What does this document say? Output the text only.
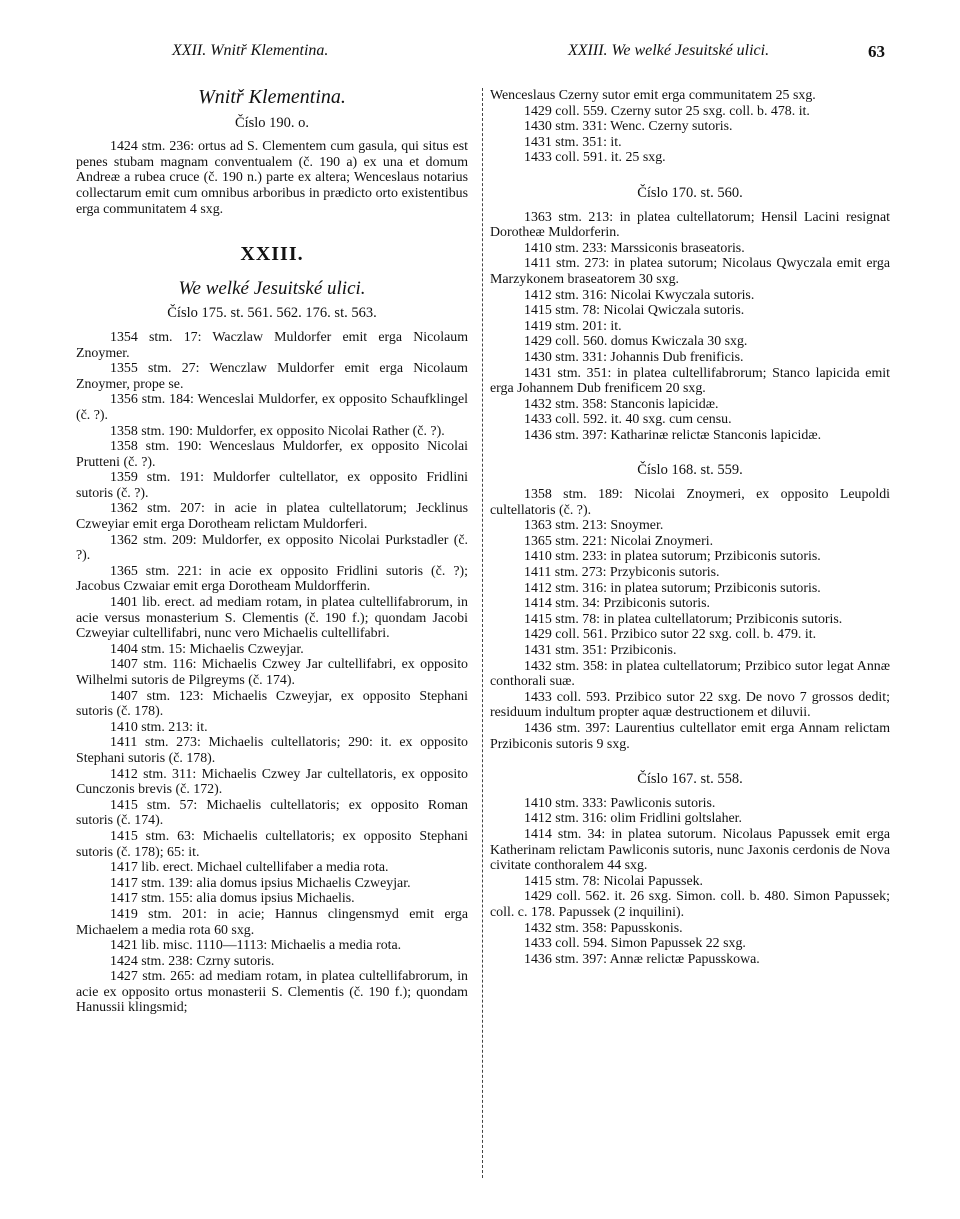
XXII. Wnitř Klementina.	XXIII. We welké Jesuitské ulici.	63
Wnitř Klementina.
Číslo 190. o.

1424 stm. 236: ortus ad S. Clementem cum gasula, qui situs est penes stubam magnam conventualem (č. 190 a) ex una et domum Andreæ a rubea cruce (č. 190 n.) parte ex altera; Wenceslaus notarius collectarum emit cum omnibus arboribus in prædicto orto existentibus erga communitatem 4 sxg.

XXIII.
We welké Jesuitské ulici.
Číslo 175. st. 561. 562. 176. st. 563.

1354 stm. 17: Waczlaw Muldorfer emit erga Nicolaum Znoymer.

1355 stm. 27: Wenczlaw Muldorfer emit erga Nicolaum Znoymer, prope se.

1356 stm. 184: Wenceslai Muldorfer, ex opposito Schaufklingel (č. ?).

1358 stm. 190: Muldorfer, ex opposito Nicolai Rather (č. ?).

1358 stm. 190: Wenceslaus Muldorfer, ex opposito Nicolai Prutteni (č. ?).

1359 stm. 191: Muldorfer cultellator, ex opposito Fridlini sutoris (č. ?).

1362 stm. 207: in acie in platea cultellatorum; Jecklinus Czweyiar emit erga Dorotheam relictam Muldorferi.

1362 stm. 209: Muldorfer, ex opposito Nicolai Purkstadler (č. ?).

1365 stm. 221: in acie ex opposito Fridlini sutoris (č. ?); Jacobus Czwaiar emit erga Dorotheam Muldorfferin.

1401 lib. erect. ad mediam rotam, in platea cultellifabrorum, in acie versus monasterium S. Clementis (č. 190 f.); quondam Jacobi Czweyiar cultellifabri, nunc vero Michaelis cultellifabri.

1404 stm. 15: Michaelis Czweyjar.

1407 stm. 116: Michaelis Czwey Jar cultellifabri, ex opposito Wilhelmi sutoris de Pilgreyms (č. 174).

1407 stm. 123: Michaelis Czweyjar, ex opposito Stephani sutoris (č. 178).

1410 stm. 213: it.

1411 stm. 273: Michaelis cultellatoris; 290: it. ex opposito Stephani sutoris (č. 178).

1412 stm. 311: Michaelis Czwey Jar cultellatoris, ex opposito Cunczonis brevis (č. 172).

1415 stm. 57: Michaelis cultellatoris; ex opposito Roman sutoris (č. 174).

1415 stm. 63: Michaelis cultellatoris; ex opposito Stephani sutoris (č. 178); 65: it.

1417 lib. erect. Michael cultellifaber a media rota.

1417 stm. 139: alia domus ipsius Michaelis Czweyjar.

1417 stm. 155: alia domus ipsius Michaelis.

1419 stm. 201: in acie; Hannus clingensmyd emit erga Michaelem a media rota 60 sxg.

1421 lib. misc. 1110—1113: Michaelis a media rota.

1424 stm. 238: Czrny sutoris.

1427 stm. 265: ad mediam rotam, in platea cultellifabrorum, in acie ex opposito ortus monasterii S. Clementis (č. 190 f.); quondam Hanussii klingsmid;

Wenceslaus Czerny sutor emit erga communitatem 25 sxg.

1429 coll. 559. Czerny sutor 25 sxg. coll. b. 478. it.

1430 stm. 331: Wenc. Czerny sutoris.

1431 stm. 351: it.

1433 coll. 591. it. 25 sxg.

Číslo 170. st. 560.

1363 stm. 213: in platea cultellatorum; Hensil Lacini resignat Dorotheæ Muldorferin.

1410 stm. 233: Marssiconis braseatoris.

1411 stm. 273: in platea sutorum; Nicolaus Qwyczala emit erga Marzykonem braseatorem 30 sxg.

1412 stm. 316: Nicolai Kwyczala sutoris.

1415 stm. 78: Nicolai Qwiczala sutoris.

1419 stm. 201: it.

1429 coll. 560. domus Kwiczala 30 sxg.

1430 stm. 331: Johannis Dub frenificis.

1431 stm. 351: in platea cultellifabrorum; Stanco lapicida emit erga Johannem Dub frenificem 20 sxg.

1432 stm. 358: Stanconis lapicidæ.

1433 coll. 592. it. 40 sxg. cum censu.

1436 stm. 397: Katharinæ relictæ Stanconis lapicidæ.

Číslo 168. st. 559.

1358 stm. 189: Nicolai Znoymeri, ex opposito Leupoldi cultellatoris (č. ?).

1363 stm. 213: Snoymer.

1365 stm. 221: Nicolai Znoymeri.

1410 stm. 233: in platea sutorum; Przibiconis sutoris.

1411 stm. 273: Przybiconis sutoris.

1412 stm. 316: in platea sutorum; Przibiconis sutoris.

1414 stm. 34: Przibiconis sutoris.

1415 stm. 78: in platea cultellatorum; Przibiconis sutoris.

1429 coll. 561. Przibico sutor 22 sxg. coll. b. 479. it.

1431 stm. 351: Przibiconis.

1432 stm. 358: in platea cultellatorum; Przibico sutor legat Annæ conthorali suæ.

1433 coll. 593. Przibico sutor 22 sxg. De novo 7 grossos dedit; residuum indultum propter aquæ destructionem et diluvii.

1436 stm. 397: Laurentius cultellator emit erga Annam relictam Przibiconis sutoris 9 sxg.

Číslo 167. st. 558.

1410 stm. 333: Pawliconis sutoris.

1412 stm. 316: olim Fridlini goltslaher.

1414 stm. 34: in platea sutorum. Nicolaus Papussek emit erga Katherinam relictam Pawliconis sutoris, nunc Jaxonis cerdonis de Nova civitate conthoralem 44 sxg.

1415 stm. 78: Nicolai Papussek.

1429 coll. 562. it. 26 sxg. Simon. coll. b. 480. Simon Papussek; coll. c. 178. Papussek (2 inquilini).

1432 stm. 358: Papusskonis.

1433 coll. 594. Simon Papussek 22 sxg.

1436 stm. 397: Annæ relictæ Papusskowa.
